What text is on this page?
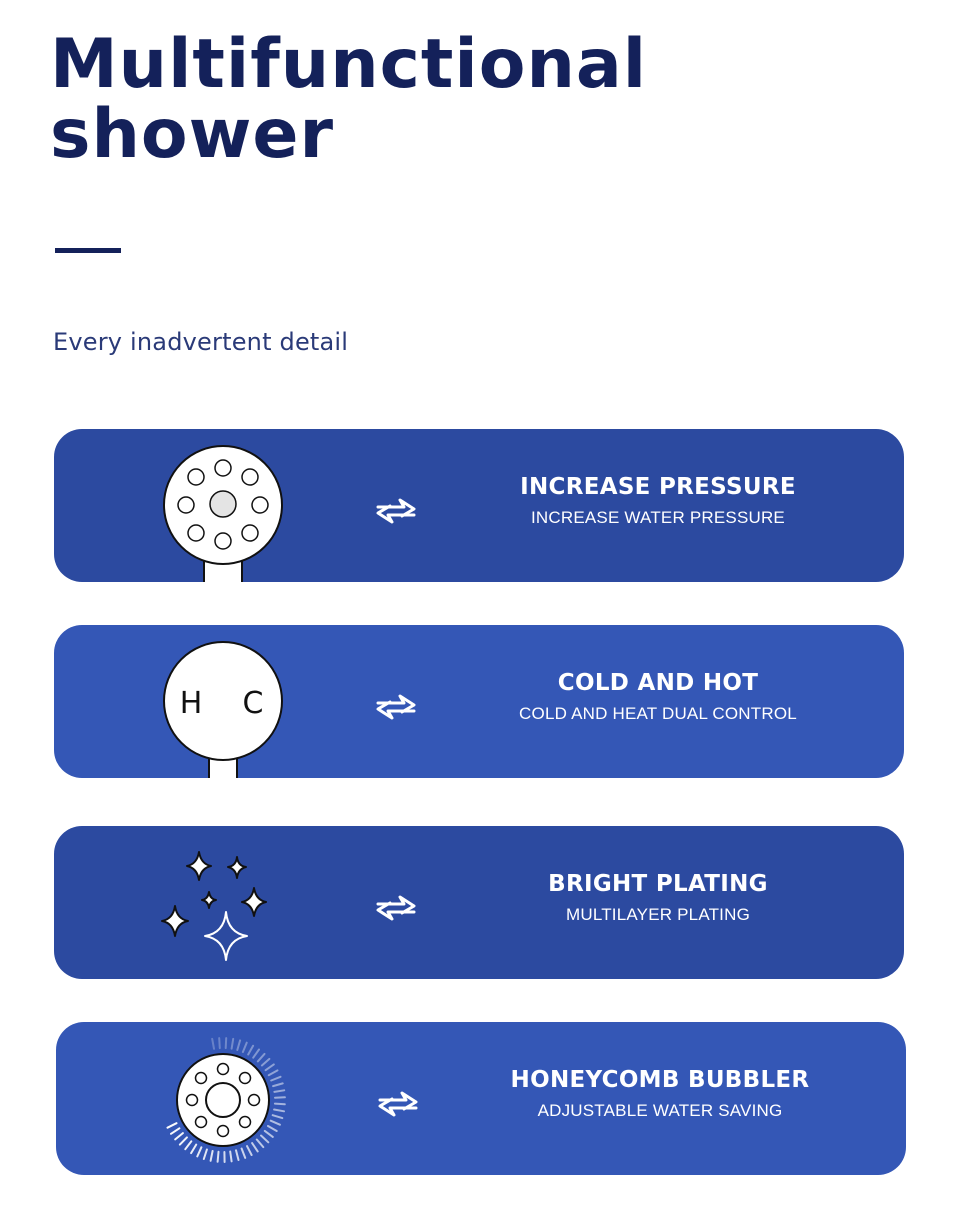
Multifunctional
shower
Every inadvertent detail
INCREASE PRESSURE
INCREASE WATER PRESSURE
H C
COLD AND HOT
COLD AND HEAT DUAL CONTROL
BRIGHT PLATING
MULTILAYER PLATING
HONEYCOMB BUBBLER
ADJUSTABLE WATER SAVING
